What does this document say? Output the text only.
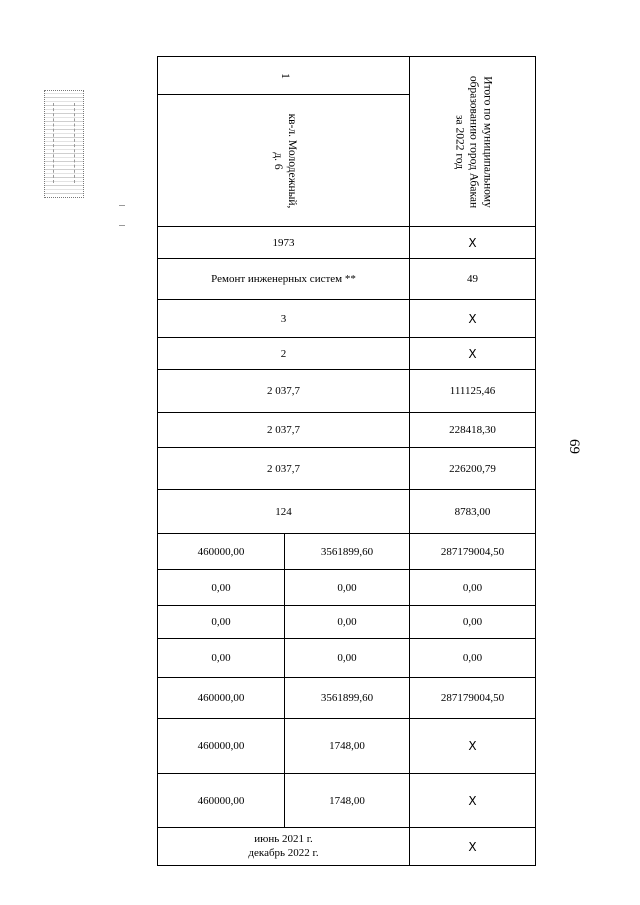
69
1		Итого по муниципальному
образованию город Абакан
за 2022 год

кв-л. Молодежный,
д. 6		

1973		Х
Ремонт инженерных систем **		49
3		Х
2		Х
2 037,7		111125,46
2 037,7		228418,30
2 037,7		226200,79
124		8783,00
460000,00	3561899,60	287179004,50
0,00	0,00	0,00
0,00	0,00	0,00
0,00	0,00	0,00
460000,00	3561899,60	287179004,50
460000,00	1748,00	Х
460000,00	1748,00	Х

июнь 2021 г.
декабрь 2022 г.		Х
